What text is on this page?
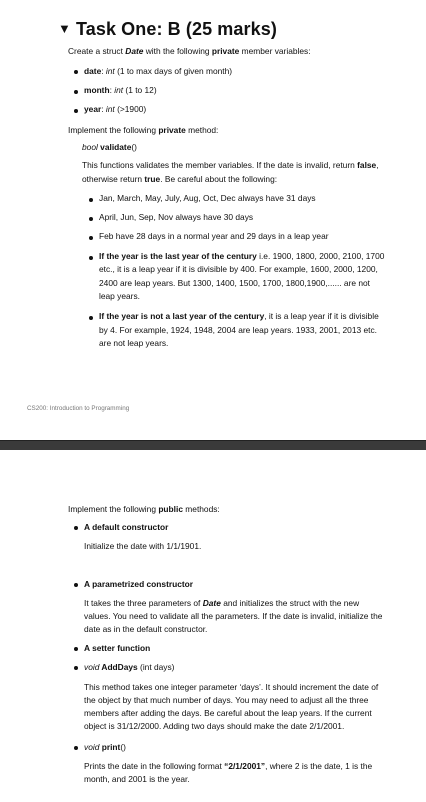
▼ Task One: B (25 marks)
Create a struct Date with the following private member variables:
date: int (1 to max days of given month)
month: int (1 to 12)
year: int (>1900)
Implement the following private method:
bool validate()
This functions validates the member variables. If the date is invalid, return false,
otherwise return true. Be careful about the following:
Jan, March, May, July, Aug, Oct, Dec always have 31 days
April, Jun, Sep, Nov always have 30 days
Feb have 28 days in a normal year and 29 days in a leap year
If the year is the last year of the century i.e. 1900, 1800, 2000, 2100, 1700
etc., it is a leap year if it is divisible by 400. For example, 1600, 2000, 1200,
2400 are leap years. But 1300, 1400, 1500, 1700, 1800,1900,...... are not
leap years.
If the year is not a last year of the century, it is a leap year if it is divisible
by 4. For example, 1924, 1948, 2004 are leap years. 1933, 2001, 2013 etc.
are not leap years.
CS200: Introduction to Programming
Implement the following public methods:
A default constructor
Initialize the date with 1/1/1901.
A parametrized constructor
It takes the three parameters of Date and initializes the struct with the new
values. You need to validate all the parameters. If the date is invalid, initialize the
date as in the default constructor.
A setter function
void AddDays (int days)
This method takes one integer parameter ‘days’. It should increment the date of
the object by that much number of days. You may need to adjust all the three
members after adding the days. Be careful about the leap years. If the current
object is 31/12/2000. Adding two days should make the date 2/1/2001.
void print()
Prints the date in the following format “2/1/2001”, where 2 is the date, 1 is the
month, and 2001 is the year.
